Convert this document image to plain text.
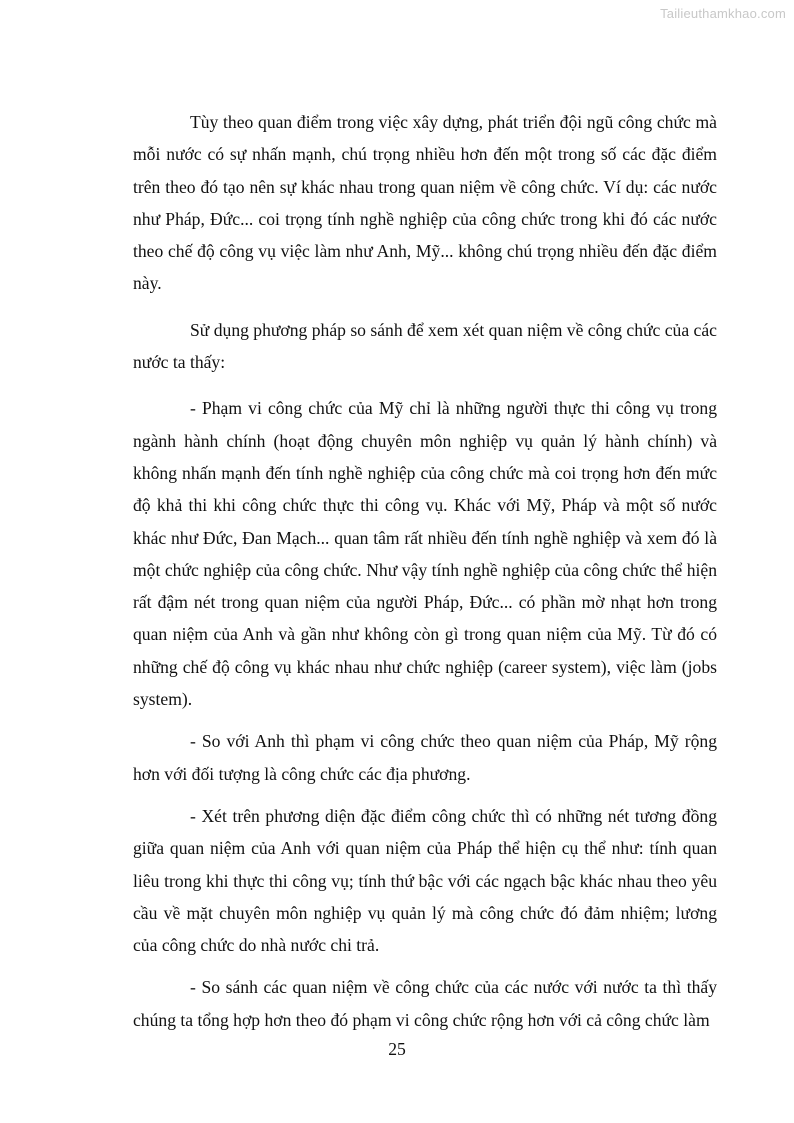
Tailieuthamkhao.com

Tùy theo quan điểm trong việc xây dựng, phát triển đội ngũ công chức mà mỗi nước có sự nhấn mạnh, chú trọng nhiều hơn đến một trong số các đặc điểm trên theo đó tạo nên sự khác nhau trong quan niệm về công chức. Ví dụ: các nước như Pháp, Đức... coi trọng tính nghề nghiệp của công chức trong khi đó các nước theo chế độ công vụ việc làm như Anh, Mỹ... không chú trọng nhiều đến đặc điểm này.

Sử dụng phương pháp so sánh để xem xét quan niệm về công chức của các nước ta thấy:

- Phạm vi công chức của Mỹ chỉ là những người thực thi công vụ trong ngành hành chính (hoạt động chuyên môn nghiệp vụ quản lý hành chính) và không nhấn mạnh đến tính nghề nghiệp của công chức mà coi trọng hơn đến mức độ khả thi khi công chức thực thi công vụ. Khác với Mỹ, Pháp và một số nước khác như Đức, Đan Mạch... quan tâm rất nhiều đến tính nghề nghiệp và xem đó là một chức nghiệp của công chức. Như vậy tính nghề nghiệp của công chức thể hiện rất đậm nét trong quan niệm của người Pháp, Đức... có phần mờ nhạt hơn trong quan niệm của Anh và gần như không còn gì trong quan niệm của Mỹ. Từ đó có những chế độ công vụ khác nhau như chức nghiệp (career system), việc làm (jobs system).

- So với Anh thì phạm vi công chức theo quan niệm của Pháp, Mỹ rộng hơn với đối tượng là công chức các địa phương.

- Xét trên phương diện đặc điểm công chức thì có những nét tương đồng giữa quan niệm của Anh với quan niệm của Pháp thể hiện cụ thể như: tính quan liêu trong khi thực thi công vụ; tính thứ bậc với các ngạch bậc khác nhau theo yêu cầu về mặt chuyên môn nghiệp vụ quản lý mà công chức đó đảm nhiệm; lương của công chức do nhà nước chi trả.

- So sánh các quan niệm về công chức của các nước với nước ta thì thấy chúng ta tổng hợp hơn theo đó phạm vi công chức rộng hơn với cả công chức làm

25
